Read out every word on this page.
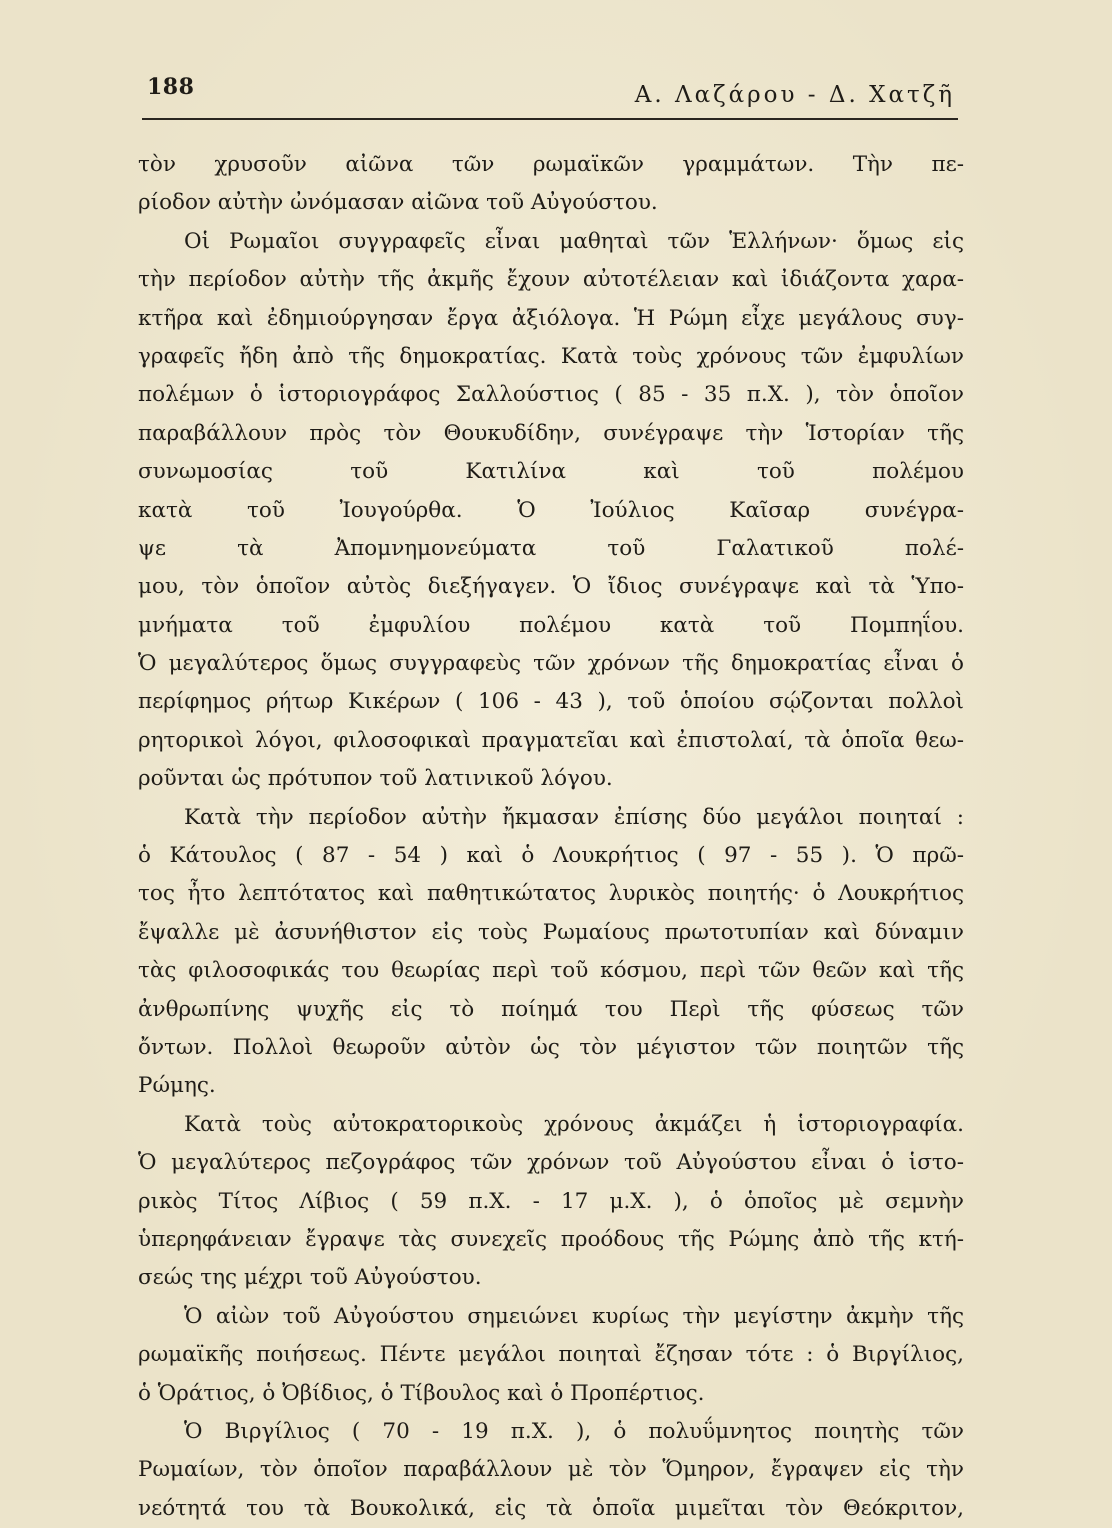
188	Α. Λαζάρου - Δ. Χατζῆ
τὸν χρυσοῦν αἰῶνα τῶν ρωμαϊκῶν γραμμάτων. Τὴν πε-
ρίοδον αὐτὴν ὠνόμασαν αἰῶνα τοῦ Αὐγούστου.
Οἱ Ρωμαῖοι συγγραφεῖς εἶναι μαθηταὶ τῶν Ἑλλήνων· ὅμως εἰς
τὴν περίοδον αὐτὴν τῆς ἀκμῆς ἔχουν αὐτοτέλειαν καὶ ἰδιάζοντα χαρα-
κτῆρα καὶ ἐδημιούργησαν ἔργα ἀξιόλογα. Ἡ Ρώμη εἶχε μεγάλους συγ-
γραφεῖς ἤδη ἀπὸ τῆς δημοκρατίας. Κατὰ τοὺς χρόνους τῶν ἐμφυλίων
πολέμων ὁ ἱστοριογράφος Σαλλούστιος ( 85 - 35 π.Χ. ), τὸν ὁποῖον
παραβάλλουν πρὸς τὸν Θουκυδίδην, συνέγραψε τὴν Ἱστορίαν τῆς
συνωμοσίας τοῦ Κατιλίνα καὶ τοῦ πολέμου
κατὰ τοῦ Ἰουγούρθα. Ὁ Ἰούλιος Καῖσαρ συνέγρα-
ψε τὰ Ἀπομνημονεύματα τοῦ Γαλατικοῦ πολέ-
μου, τὸν ὁποῖον αὐτὸς διεξήγαγεν. Ὁ ἴδιος συνέγραψε καὶ τὰ Ὑπο-
μνήματα τοῦ ἐμφυλίου πολέμου κατὰ τοῦ Πομπηΐου.
Ὁ μεγαλύτερος ὅμως συγγραφεὺς τῶν χρόνων τῆς δημοκρατίας εἶναι ὁ
περίφημος ρήτωρ Κικέρων ( 106 - 43 ), τοῦ ὁποίου σῴζονται πολλοὶ
ρητορικοὶ λόγοι, φιλοσοφικαὶ πραγματεῖαι καὶ ἐπιστολαί, τὰ ὁποῖα θεω-
ροῦνται ὡς πρότυπον τοῦ λατινικοῦ λόγου.
Κατὰ τὴν περίοδον αὐτὴν ἤκμασαν ἐπίσης δύο μεγάλοι ποιηταί :
ὁ Κάτουλος ( 87 - 54 ) καὶ ὁ Λουκρήτιος ( 97 - 55 ). Ὁ πρῶ-
τος ἦτο λεπτότατος καὶ παθητικώτατος λυρικὸς ποιητής· ὁ Λουκρήτιος
ἔψαλλε μὲ ἀσυνήθιστον εἰς τοὺς Ρωμαίους πρωτοτυπίαν καὶ δύναμιν
τὰς φιλοσοφικάς του θεωρίας περὶ τοῦ κόσμου, περὶ τῶν θεῶν καὶ τῆς
ἀνθρωπίνης ψυχῆς εἰς τὸ ποίημά του Περὶ τῆς φύσεως τῶν
ὄντων. Πολλοὶ θεωροῦν αὐτὸν ὡς τὸν μέγιστον τῶν ποιητῶν τῆς
Ρώμης.
Κατὰ τοὺς αὐτοκρατορικοὺς χρόνους ἀκμάζει ἡ ἱστοριογραφία.
Ὁ μεγαλύτερος πεζογράφος τῶν χρόνων τοῦ Αὐγούστου εἶναι ὁ ἱστο-
ρικὸς Τίτος Λίβιος ( 59 π.Χ. - 17 μ.Χ. ), ὁ ὁποῖος μὲ σεμνὴν
ὑπερηφάνειαν ἔγραψε τὰς συνεχεῖς προόδους τῆς Ρώμης ἀπὸ τῆς κτή-
σεώς της μέχρι τοῦ Αὐγούστου.
Ὁ αἰὼν τοῦ Αὐγούστου σημειώνει κυρίως τὴν μεγίστην ἀκμὴν τῆς
ρωμαϊκῆς ποιήσεως. Πέντε μεγάλοι ποιηταὶ ἔζησαν τότε : ὁ Βιργίλιος,
ὁ Ὁράτιος, ὁ Ὀβίδιος, ὁ Τίβουλος καὶ ὁ Προπέρτιος.
Ὁ Βιργίλιος ( 70 - 19 π.Χ. ), ὁ πολυΰμνητος ποιητὴς τῶν
Ρωμαίων, τὸν ὁποῖον παραβάλλουν μὲ τὸν Ὅμηρον, ἔγραψεν εἰς τὴν
νεότητά του τὰ Βουκολικά, εἰς τὰ ὁποῖα μιμεῖται τὸν Θεόκριτον,
